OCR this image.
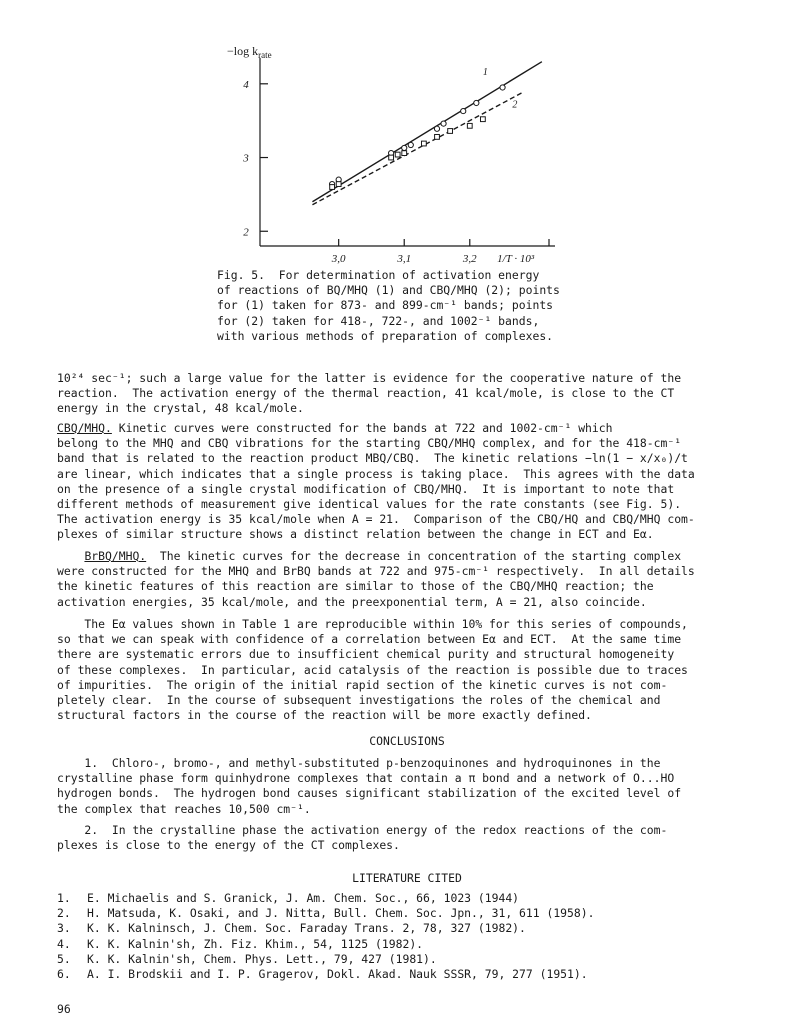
2
3
4
3,0	3,1	3,2
−log $k_{rate}$
1/T · 10³
1
2
Fig. 5.  For determination of activation energy
of reactions of BQ/MHQ (1) and CBQ/MHQ (2); points
for (1) taken for 873- and 899-cm⁻¹ bands; points
for (2) taken for 418-, 722-, and 1002⁻¹ bands,
with various methods of preparation of complexes.
10²⁴ sec⁻¹; such a large value for the latter is evidence for the cooperative nature of the
reaction.  The activation energy of the thermal reaction, 41 kcal/mole, is close to the CT
energy in the crystal, 48 kcal/mole.
CBQ/MHQ. Kinetic curves were constructed for the bands at 722 and 1002-cm⁻¹ which
belong to the MHQ and CBQ vibrations for the starting CBQ/MHQ complex, and for the 418-cm⁻¹
band that is related to the reaction product MBQ/CBQ.  The kinetic relations −ln(1 − x/x₀)/t
are linear, which indicates that a single process is taking place.  This agrees with the data
on the presence of a single crystal modification of CBQ/MHQ.  It is important to note that
different methods of measurement give identical values for the rate constants (see Fig. 5).
The activation energy is 35 kcal/mole when A = 21.  Comparison of the CBQ/HQ and CBQ/MHQ com-
plexes of similar structure shows a distinct relation between the change in ECT and Eα.
BrBQ/MHQ.  The kinetic curves for the decrease in concentration of the starting complex
were constructed for the MHQ and BrBQ bands at 722 and 975-cm⁻¹ respectively.  In all details
the kinetic features of this reaction are similar to those of the CBQ/MHQ reaction; the
activation energies, 35 kcal/mole, and the preexponential term, A = 21, also coincide.
The Eα values shown in Table 1 are reproducible within 10% for this series of compounds,
so that we can speak with confidence of a correlation between Eα and ECT.  At the same time
there are systematic errors due to insufficient chemical purity and structural homogeneity
of these complexes.  In particular, acid catalysis of the reaction is possible due to traces
of impurities.  The origin of the initial rapid section of the kinetic curves is not com-
pletely clear.  In the course of subsequent investigations the roles of the chemical and
structural factors in the course of the reaction will be more exactly defined.
CONCLUSIONS
1.  Chloro-, bromo-, and methyl-substituted p-benzoquinones and hydroquinones in the
crystalline phase form quinhydrone complexes that contain a π bond and a network of O...HO
hydrogen bonds.  The hydrogen bond causes significant stabilization of the excited level of
the complex that reaches 10,500 cm⁻¹.
2.  In the crystalline phase the activation energy of the redox reactions of the com-
plexes is close to the energy of the CT complexes.
LITERATURE CITED
1.	E. Michaelis and S. Granick, J. Am. Chem. Soc., 66, 1023 (1944)
2.	H. Matsuda, K. Osaki, and J. Nitta, Bull. Chem. Soc. Jpn., 31, 611 (1958).
3.	K. K. Kalninsch, J. Chem. Soc. Faraday Trans. 2, 78, 327 (1982).
4.	K. K. Kalnin'sh, Zh. Fiz. Khim., 54, 1125 (1982).
5.	K. K. Kalnin'sh, Chem. Phys. Lett., 79, 427 (1981).
6.	A. I. Brodskii and I. P. Gragerov, Dokl. Akad. Nauk SSSR, 79, 277 (1951).
96
